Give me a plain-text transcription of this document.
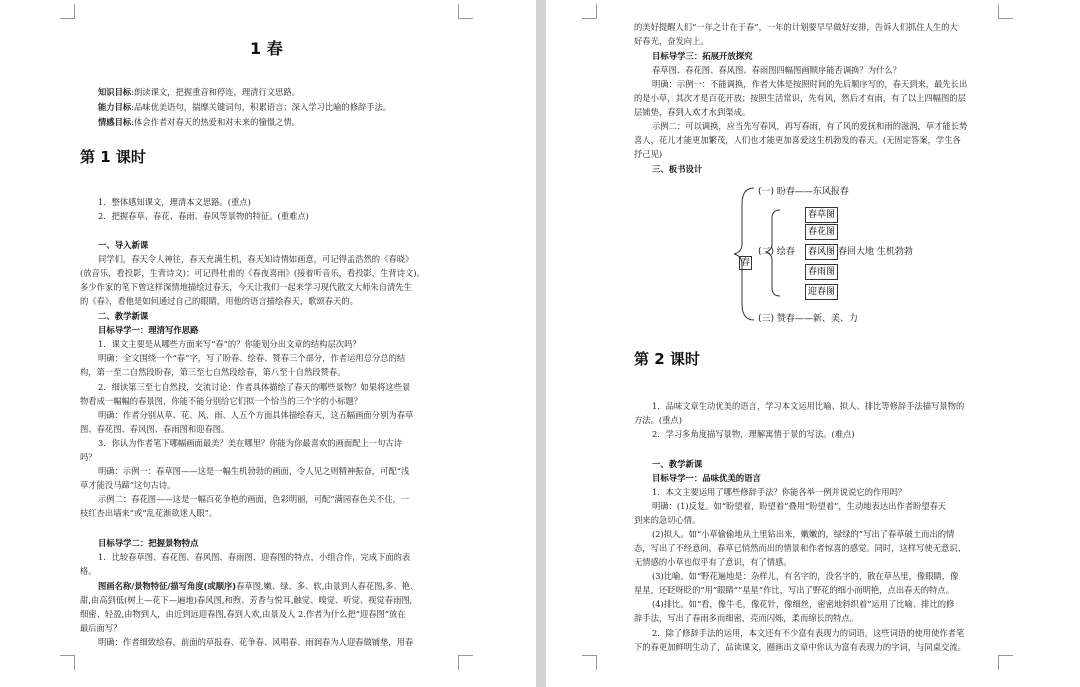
1 春
知识目标:朗读课文，把握重音和停连，理清行文思路。
能力目标:品味优美语句，揣摩关键词句，积累语言；深入学习比喻的修辞手法。
情感目标:体会作者对春天的热爱和对未来的憧憬之情。
第 1 课时
1．整体感知课文，理清本文思路。(重点)
2．把握春草、春花、春雨、春风等景物的特征。(重难点)
一、导入新课
同学们，春天令人神往，春天充满生机，春天知诗情如画意，可记得孟浩然的《春晓》
(放音乐，看投影，生背诗文)；可记得杜甫的《春夜喜雨》(接着听音乐，看投影，生背诗文)。
多少作家的笔下曾这样深情地描绘过春天，今天让我们一起来学习现代散文大师朱自清先生
的《春》，看他是如何通过自己的眼睛，用他的语言描绘春天，歌颂春天的。
二、教学新课
目标导学一：理清写作思路
1．课文主要是从哪些方面来写“春”的？你能划分出文章的结构层次吗？
明确：全文围绕一个“春”字，写了盼春、绘春、赞春三个部分，作者运用总分总的结
构，第一至二自然段盼春，第三至七自然段绘春，第八至十自然段赞春。
2．细读第三至七自然段，交流讨论：作者具体描绘了春天的哪些景物？如果将这些景
物看成一幅幅的春景图，你能不能分别给它们拟一个恰当的三个字的小标题？
明确：作者分别从草、花、风、雨、人五个方面具体描绘春天，这五幅画面分别为春草
图、春花图、春风图、春雨图和迎春图。
3．你认为作者笔下哪幅画面最美？美在哪里？你能为你最喜欢的画面配上一句古诗
吗？
明确：示例一：春草图——这是一幅生机勃勃的画面，令人见之则精神振奋，可配“浅
草才能没马蹄”这句古诗。
示例二：春花图——这是一幅百花争艳的画面，色彩明丽，可配“满园春色关不住，一
枝红杏出墙来”或“乱花渐欲迷人眼”。
目标导学二：把握景物特点
1．比较春草图、春花图、春风图、春雨图、迎春图的特点，小组合作，完成下面的表
格。
图画名称/景物特征/描写角度(或顺序)春草图,嫩、绿、多、软,由景到人春花图,多、艳、
甜,由高到低(树上—花下—遍地)春风图,和煦、芳香与悦耳,触觉、嗅觉、听觉、视觉春雨图,
细密、轻盈,由物到人，由近到远迎春图,春到人欢,由景及人 2.作者为什么把“迎春图”放在
最后面写？
明确：作者细致绘春，前面的草报春、花争春、风唱春、雨润春为人迎春做铺垫，用春
的美好提醒人们“一年之计在于春”，一年的计划要早早做好安排，告诉人们抓住人生的大
好春光，奋发向上。
目标导学三：拓展开放探究
春草图、春花图、春风图、春雨图四幅图画顺序能否调换？为什么？
明确：示例一：不能调换，作者大体是按照时间的先后顺序写的，春天到来，最先长出
的是小草，其次才是百花开放；按照生活常识，先有风，然后才有雨，有了以上四幅图的层
层铺垫，春到人欢才水到渠成。
示例二：可以调换，应当先写春风，再写春雨，有了风的爱抚和雨的滋润，草才能长势
喜人，花儿才能更加繁茂，人们也才能更加喜爱这生机勃发的春天。(无固定答案，学生各
抒己见)
三、板书设计
春
(一) 盼春——东风报春
(二) 绘春
春草图
春花图
春风图
春雨图
迎春图
春回大地 生机勃勃
(三) 赞春——新、美、力
第 2 课时
1．品味文章生动优美的语言，学习本文运用比喻、拟人、排比等修辞手法描写景物的
方法。(重点)
2．学习多角度描写景物，理解寓情于景的写法。(难点)
一、教学新课
目标导学一：品味优美的语言
1．本文主要运用了哪些修辞手法？你能各举一例并说说它的作用吗？
明确：(1)反复。如“盼望着，盼望着”叠用“盼望着”，生动地表达出作者盼望春天
到来的急切心情。
(2)拟人。如“小草偷偷地从土里钻出来，嫩嫩的，绿绿的”写出了春草破土而出的情
态，写出了不经意间，春草已悄然而出的情景和作者惊喜的感觉。同时，这样写使无意识、
无情感的小草也似乎有了意识，有了情感。
(3)比喻。如“野花遍地是：杂样儿，有名字的，没名字的，散在草丛里，像眼睛，像
星星，还眨呀眨的”用“眼睛”“星星”作比，写出了野花的细小而明艳，点出春天的特点。
(4)排比。如“看，像牛毛，像花针，像细丝，密密地斜织着”运用了比喻、排比的修
辞手法，写出了春雨多而细密，亮而闪烁，柔而绵长的特点。
2．除了修辞手法的运用，本文还有不少富有表现力的词语，这些词语的使用使作者笔
下的春更加鲜明生动了，品读课文，圈画出文章中你认为富有表现力的字词，与同桌交流。
